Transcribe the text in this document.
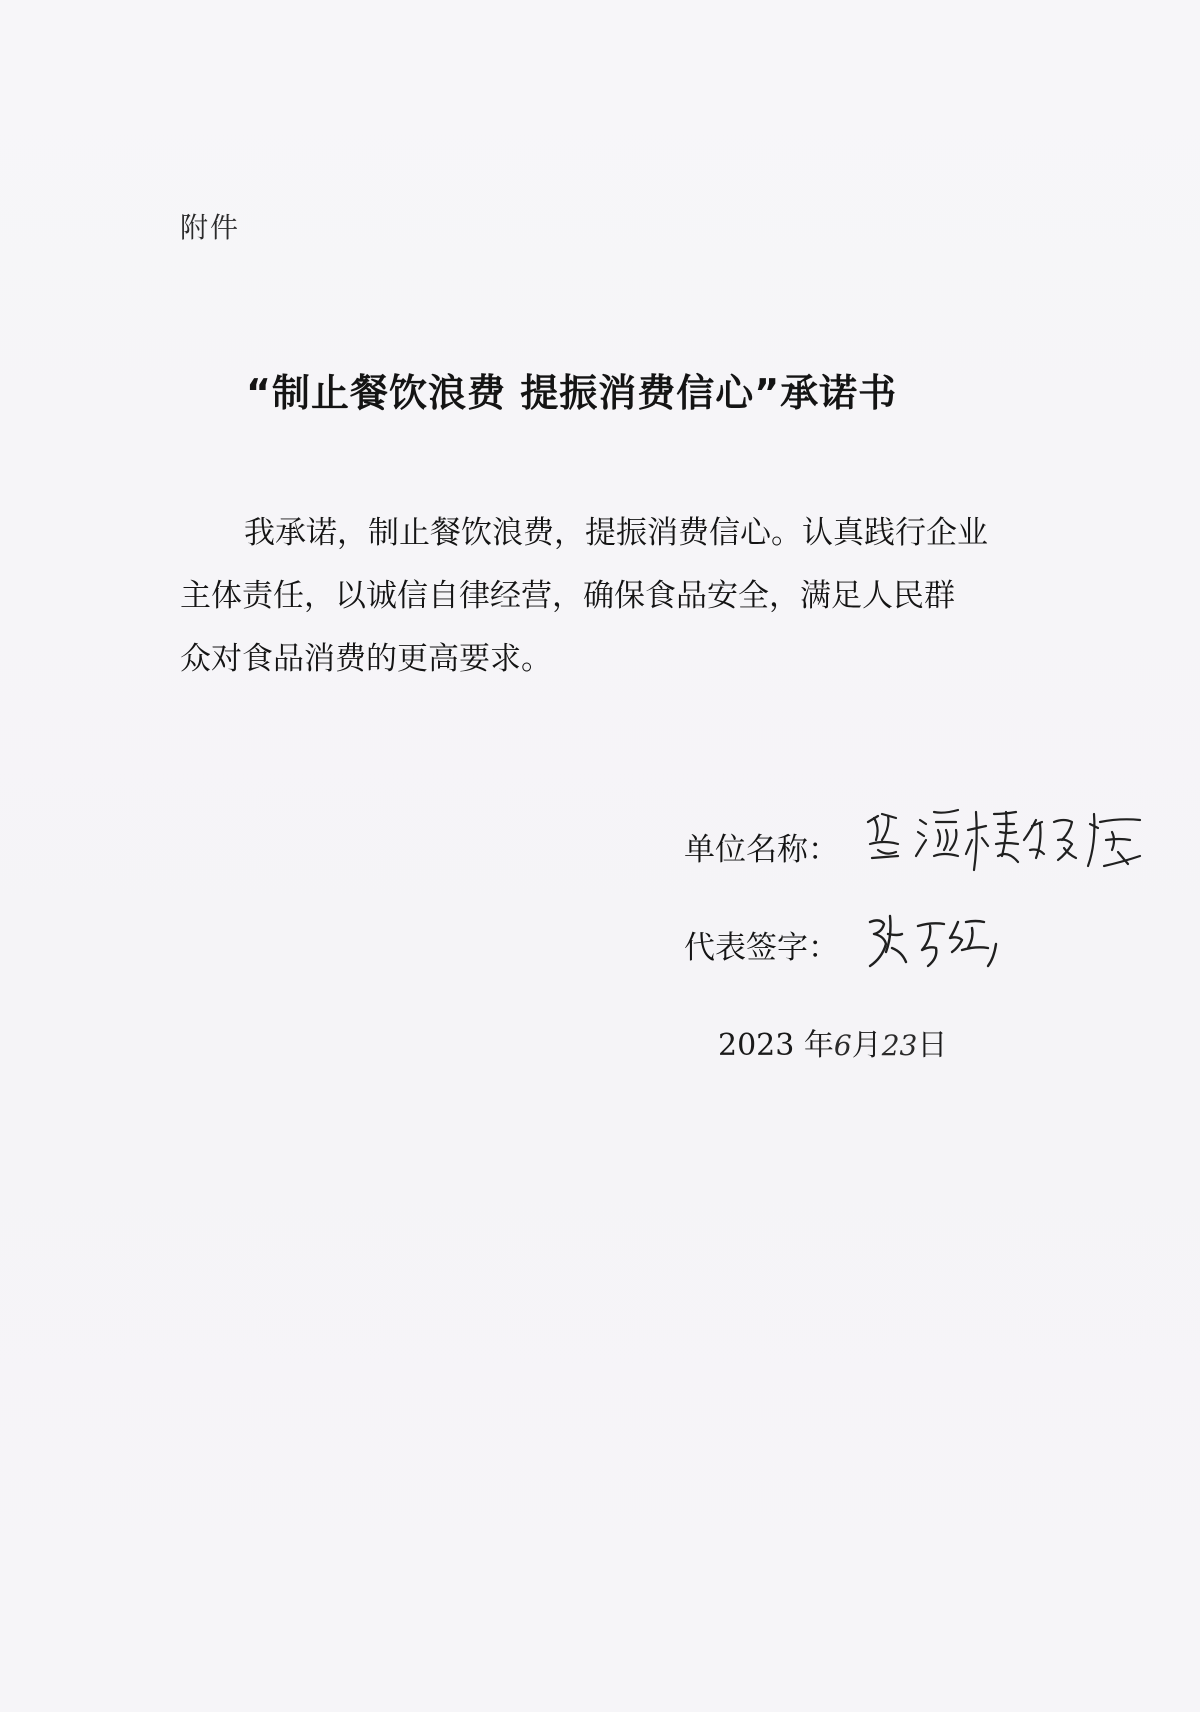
附件
“制止餐饮浪费 提振消费信心”承诺书

我承诺，制止餐饮浪费，提振消费信心。认真践行企业
主体责任，以诚信自律经营，确保食品安全，满足人民群
众对食品消费的更高要求。

单位名称：
代表签字：
2023 年6月23日
